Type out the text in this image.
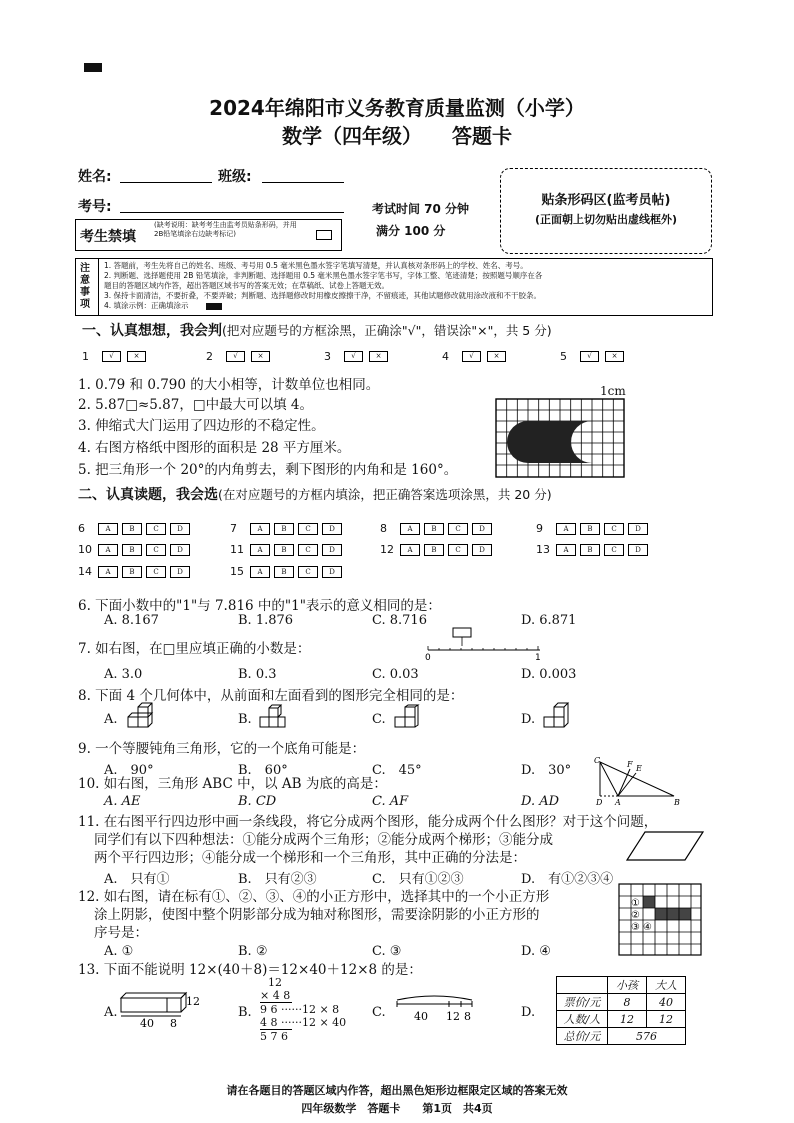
2024年绵阳市义务教育质量监测（小学）
数学（四年级）　　答题卡
姓名:	班级:
考号:
考生禁填
(缺考说明：缺考考生由监考员贴条形码，并用2B铅笔填涂右边缺考标记)
考试时间 70 分钟
满分 100 分
贴条形码区(监考员帖)
(正面朝上切勿贴出虚线框外)
注意事项
1. 答题前，考生先将自己的姓名、班级、考号用 0.5 毫米黑色墨水签字笔填写清楚，并认真核对条形码上的学校、姓名、考号。
2. 判断题、选择题使用 2B 铅笔填涂，非判断题、选择题用 0.5 毫米黑色墨水签字笔书写，字体工整、笔迹清楚；按照题号顺序在各
题目的答题区域内作答，超出答题区域书写的答案无效；在草稿纸、试卷上答题无效。
3. 保持卡面清洁，不要折叠，不要弄破；判断题、选择题修改时用橡皮擦擦干净，不留痕迹，其他试题修改就用涂改液和不干胶条。
4. 填涂示例：正确填涂示
一、认真想想，我会判(把对应题号的方框涂黑，正确涂"√"，错误涂"×"，共 5 分)
1	√	×	2	√	×	3	√	×	4	√	×	5	√	×
1. 0.79 和 0.790 的大小相等，计数单位也相同。
2. 5.87□≈5.87，□中最大可以填 4。
3. 伸缩式大门运用了四边形的不稳定性。
4. 右图方格纸中图形的面积是 28 平方厘米。
5. 把三角形一个 20°的内角剪去，剩下图形的内角和是 160°。
1cm
二、认真读题，我会选(在对应题号的方框内填涂，把正确答案选项涂黑，共 20 分)
6	A	B	C	D	7	A	B	C	D	8	A	B	C	D	9	A	B	C	D
10 A	B	C	D	11 A	B	C	D	12 A	B	C	D	13 A	B	C	D
14 A	B	C	D	15 A	B	C	D
6. 下面小数中的"1"与 7.816 中的"1"表示的意义相同的是：
A. 8.167	B. 1.876	C. 8.716	D. 6.871
7. 如右图，在□里应填正确的小数是：
A. 3.0	B. 0.3	C. 0.03	D. 0.003
0	1
8. 下面 4 个几何体中，从前面和左面看到的图形完全相同的是：
A.	B.	C.	D.
9. 一个等腰钝角三角形，它的一个底角可能是：
A.　90°	B.　60°	C.　45°	D.　30°
10. 如右图，三角形 ABC 中，以 AB 为底的高是：
A. AE	B. CD	C. AF	D. AD
C	F E
D A	B
11. 在右图平行四边形中画一条线段，将它分成两个图形，能分成两个什么图形？对于这个问题，
同学们有以下四种想法：①能分成两个三角形；②能分成两个梯形；③能分成
两个平行四边形；④能分成一个梯形和一个三角形，其中正确的分法是：
A.　只有①	B.　只有②③	C.　只有①②③	D.　有①②③④
12. 如右图，请在标有①、②、③、④的小正方形中，选择其中的一个小正方形
涂上阴影，使图中整个阴影部分成为轴对称图形，需要涂阴影的小正方形的
序号是：
A. ①	B. ②	C. ③	D. ④
①
②
③ ④
13. 下面不能说明 12×(40＋8)＝12×40＋12×8 的是：
A.	B.	C.	D.
12
40 8
12
× 4 8
9 6 ······12 × 8
4 8 ······12 × 40
5 7 6
40 12 8
	小孩	大人
票价/元	8	40
人数/人	12	12
总价/元	576	
请在各题目的答题区域内作答，超出黑色矩形边框限定区域的答案无效
四年级数学　答题卡　　第1页　共4页
